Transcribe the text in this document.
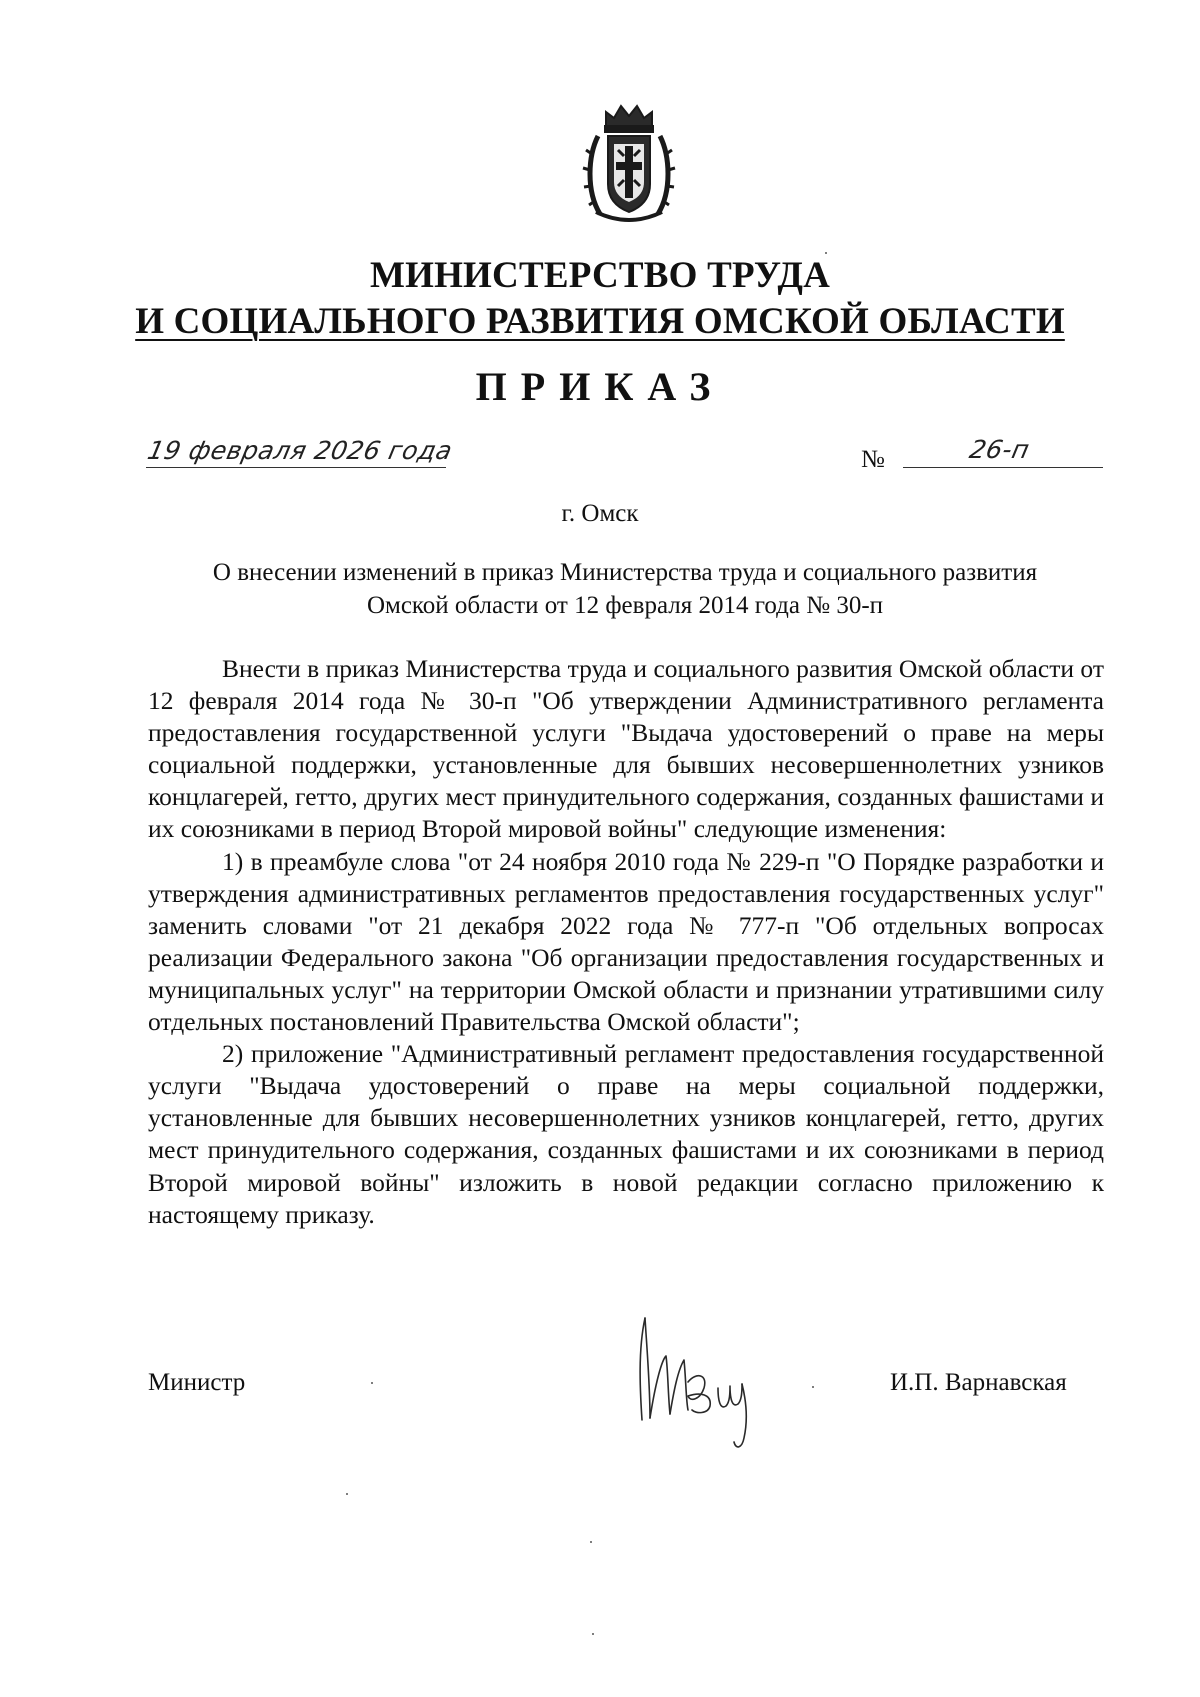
МИНИСТЕРСТВО ТРУДА
И СОЦИАЛЬНОГО РАЗВИТИЯ ОМСКОЙ ОБЛАСТИ
ПРИКАЗ
19 февраля 2026 года	№	26-п
г. Омск
О внесении изменений в приказ Министерства труда и социального развития
Омской области от 12 февраля 2014 года № 30-п

Внести в приказ Министерства труда и социального развития Омской области от 12 февраля 2014 года № 30-п "Об утверждении Административного регламента предоставления государственной услуги "Выдача удостоверений о праве на меры социальной поддержки, установленные для бывших несовершеннолетних узников концлагерей, гетто, других мест принудительного содержания, созданных фашистами и их союзниками в период Второй мировой войны" следующие изменения:

1) в преамбуле слова "от 24 ноября 2010 года № 229-п "О Порядке разработки и утверждения административных регламентов предоставления государственных услуг" заменить словами "от 21 декабря 2022 года № 777-п "Об отдельных вопросах реализации Федерального закона "Об организации предоставления государственных и муниципальных услуг" на территории Омской области и признании утратившими силу отдельных постановлений Правительства Омской области";

2) приложение "Административный регламент предоставления государственной услуги "Выдача удостоверений о праве на меры социальной поддержки, установленные для бывших несовершеннолетних узников концлагерей, гетто, других мест принудительного содержания, созданных фашистами и их союзниками в период Второй мировой войны" изложить в новой редакции согласно приложению к настоящему приказу.

Министр	И.П. Варнавская
